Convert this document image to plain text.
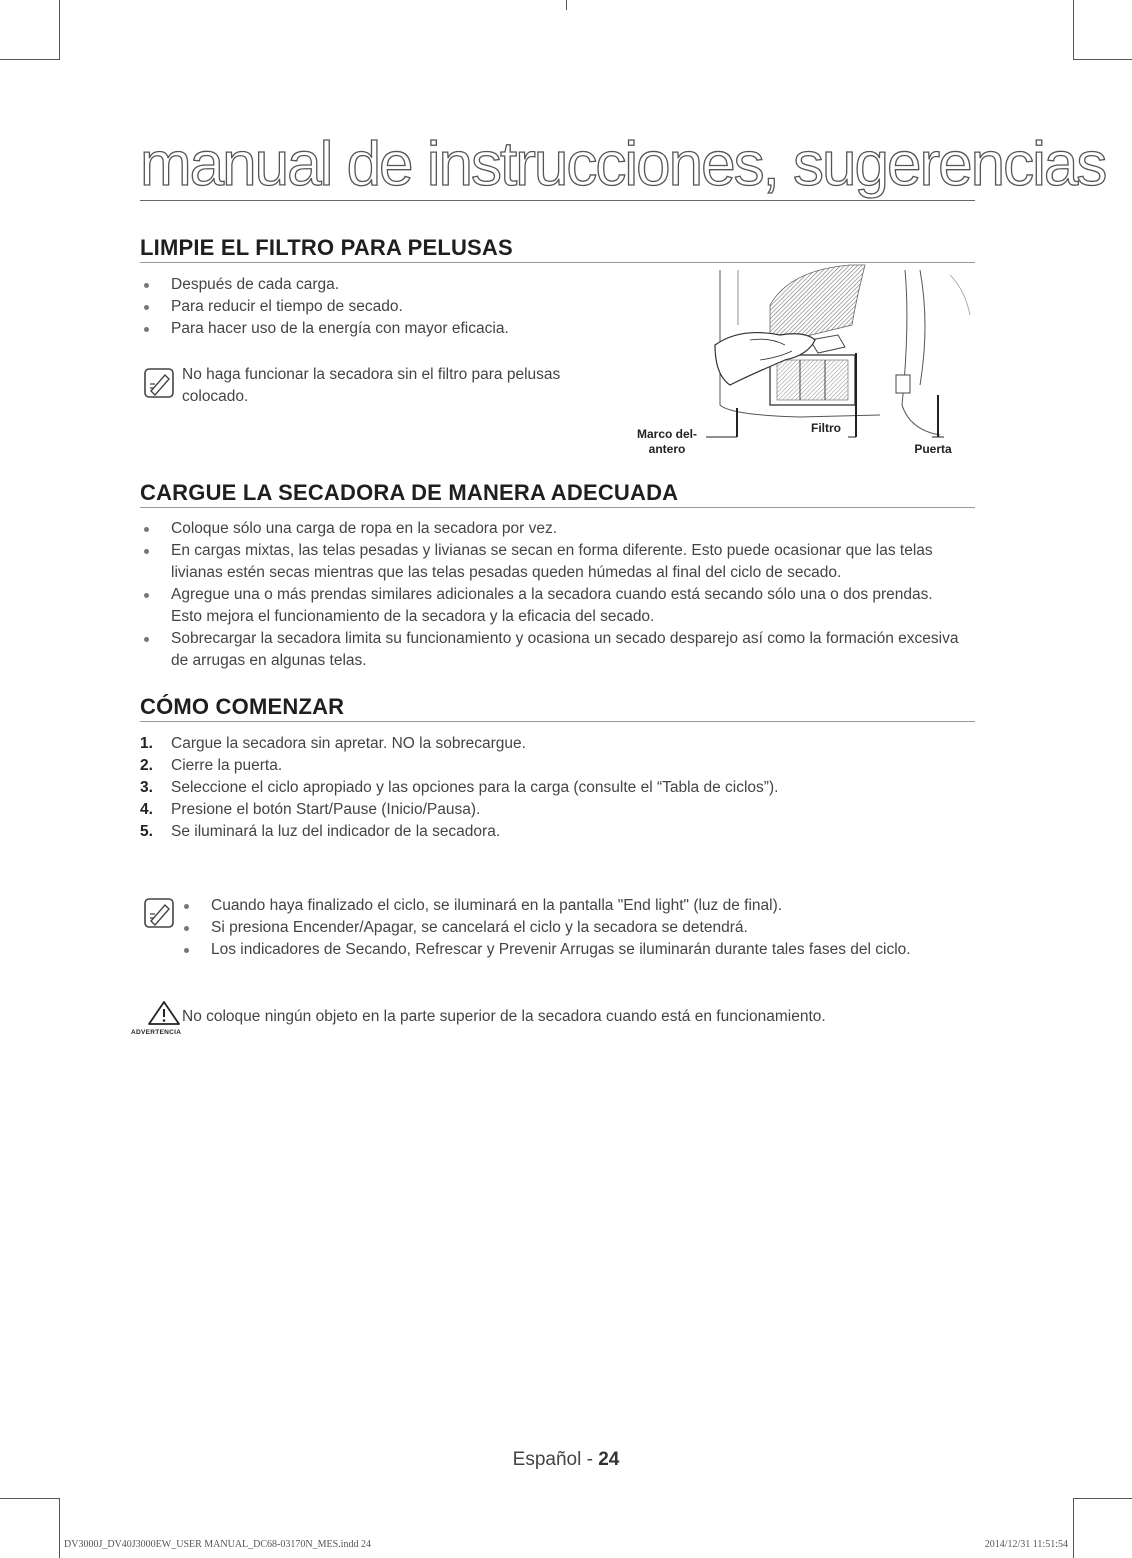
manual de instrucciones, sugerencias
LIMPIE EL FILTRO PARA PELUSAS
Después de cada carga.
Para reducir el tiempo de secado.
Para hacer uso de la energía con mayor eficacia.
No haga funcionar la secadora sin el filtro para pelusas colocado.
Marco del-
antero
Filtro
Puerta
CARGUE LA SECADORA DE MANERA ADECUADA
Coloque sólo una carga de ropa en la secadora por vez.
En cargas mixtas, las telas pesadas y livianas se secan en forma diferente. Esto puede ocasionar que las telas livianas estén secas mientras que las telas pesadas queden húmedas al final del ciclo de secado.
Agregue una o más prendas similares adicionales a la secadora cuando está secando sólo una o dos prendas. Esto mejora el funcionamiento de la secadora y la eficacia del secado.
Sobrecargar la secadora limita su funcionamiento y ocasiona un secado desparejo así como la formación excesiva de arrugas en algunas telas.
CÓMO COMENZAR
1.	Cargue la secadora sin apretar. NO la sobrecargue.
2.	Cierre la puerta.
3.	Seleccione el ciclo apropiado y las opciones para la carga (consulte el “Tabla de ciclos”).
4.	Presione el botón Start/Pause (Inicio/Pausa).
5.	Se iluminará la luz del indicador de la secadora.
Cuando haya finalizado el ciclo, se iluminará en la pantalla "End light" (luz de final).
Si presiona Encender/Apagar, se cancelará el ciclo y la secadora se detendrá.
Los indicadores de Secando, Refrescar y Prevenir Arrugas se iluminarán durante tales fases del ciclo.
ADVERTENCIA
No coloque ningún objeto en la parte superior de la secadora cuando está en funcionamiento.
Español - 24
DV3000J_DV40J3000EW_USER MANUAL_DC68-03170N_MES.indd 24	2014/12/31 11:51:54
